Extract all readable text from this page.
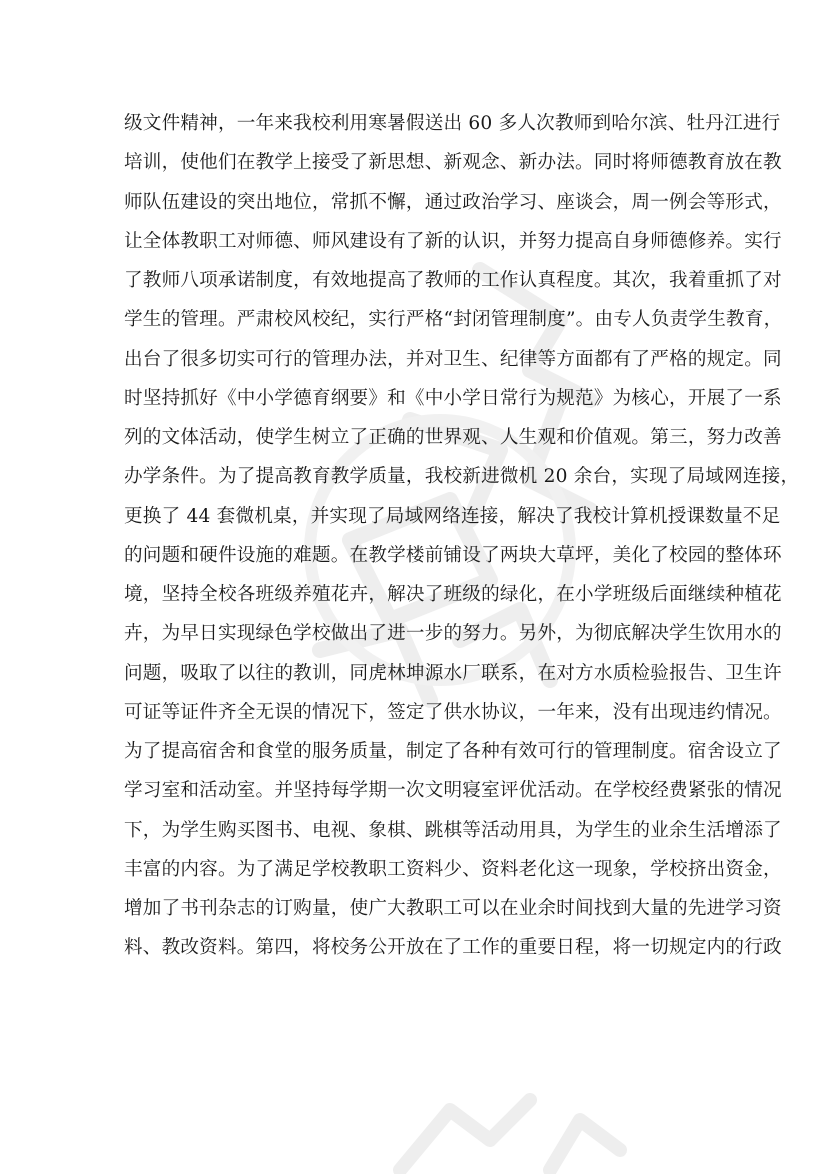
级文件精神，一年来我校利用寒暑假送出 60 多人次教师到哈尔滨、牡丹江进行
培训，使他们在教学上接受了新思想、新观念、新办法。同时将师德教育放在教
师队伍建设的突出地位，常抓不懈，通过政治学习、座谈会，周一例会等形式，
让全体教职工对师德、师风建设有了新的认识，并努力提高自身师德修养。实行
了教师八项承诺制度，有效地提高了教师的工作认真程度。其次，我着重抓了对
学生的管理。严肃校风校纪，实行严格“封闭管理制度”。由专人负责学生教育，
出台了很多切实可行的管理办法，并对卫生、纪律等方面都有了严格的规定。同
时坚持抓好《中小学德育纲要》和《中小学日常行为规范》为核心，开展了一系
列的文体活动，使学生树立了正确的世界观、人生观和价值观。第三，努力改善
办学条件。为了提高教育教学质量，我校新进微机 20 余台，实现了局域网连接，
更换了 44 套微机桌，并实现了局域网络连接，解决了我校计算机授课数量不足
的问题和硬件设施的难题。在教学楼前铺设了两块大草坪，美化了校园的整体环
境，坚持全校各班级养殖花卉，解决了班级的绿化，在小学班级后面继续种植花
卉，为早日实现绿色学校做出了进一步的努力。另外，为彻底解决学生饮用水的
问题，吸取了以往的教训，同虎林坤源水厂联系，在对方水质检验报告、卫生许
可证等证件齐全无误的情况下，签定了供水协议，一年来，没有出现违约情况。
为了提高宿舍和食堂的服务质量，制定了各种有效可行的管理制度。宿舍设立了
学习室和活动室。并坚持每学期一次文明寝室评优活动。在学校经费紧张的情况
下，为学生购买图书、电视、象棋、跳棋等活动用具，为学生的业余生活增添了
丰富的内容。为了满足学校教职工资料少、资料老化这一现象，学校挤出资金，
增加了书刊杂志的订购量，使广大教职工可以在业余时间找到大量的先进学习资
料、教改资料。第四，将校务公开放在了工作的重要日程，将一切规定内的行政
